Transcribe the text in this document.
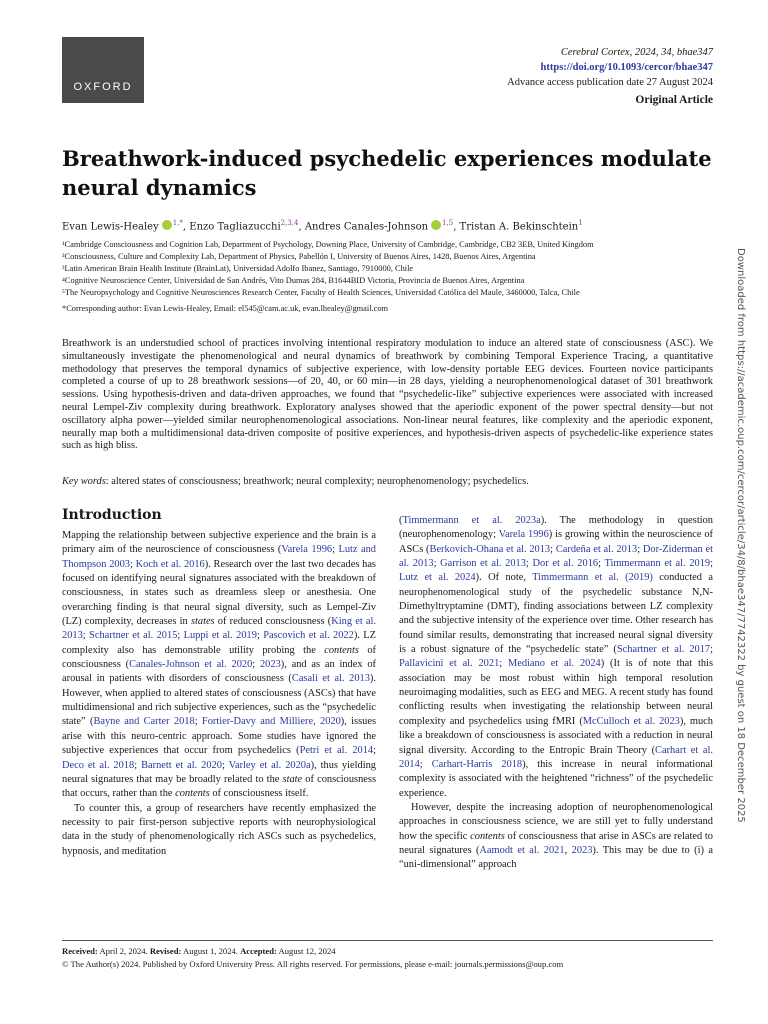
OXFORD
Cerebral Cortex, 2024, 34, bhae347
https://doi.org/10.1093/cercor/bhae347
Advance access publication date 27 August 2024
Original Article
Breathwork-induced psychedelic experiences modulate neural dynamics
Evan Lewis-Healey $^{1,*}$, Enzo Tagliazucchi$^{2,3,4}$, Andres Canales-Johnson $^{1,5}$, Tristan A. Bekinschtein$^1$
¹Cambridge Consciousness and Cognition Lab, Department of Psychology, Downing Place, University of Cambridge, Cambridge, CB2 3EB, United Kingdom
²Consciousness, Culture and Complexity Lab, Department of Physics, Pabellón I, University of Buenos Aires, 1428, Buenos Aires, Argentina
³Latin American Brain Health Institute (BrainLat), Universidad Adolfo Ibanez, Santiago, 7910000, Chile
⁴Cognitive Neuroscience Center, Universidad de San Andrés, Vito Dumas 284, B1644BID Victoria, Provincia de Buenos Aires, Argentina
⁵The Neuropsychology and Cognitive Neurosciences Research Center, Faculty of Health Sciences, Universidad Católica del Maule, 3460000, Talca, Chile
*Corresponding author: Evan Lewis-Healey, Email: el545@cam.ac.uk, evan.lhealey@gmail.com
Breathwork is an understudied school of practices involving intentional respiratory modulation to induce an altered state of consciousness (ASC). We simultaneously investigate the phenomenological and neural dynamics of breathwork by combining Temporal Experience Tracing, a quantitative methodology that preserves the temporal dynamics of subjective experience, with low-density portable EEG devices. Fourteen novice participants completed a course of up to 28 breathwork sessions—of 20, 40, or 60 min—in 28 days, yielding a neurophenomenological dataset of 301 breathwork sessions. Using hypothesis-driven and data-driven approaches, we found that “psychedelic-like” subjective experiences were associated with increased neural Lempel-Ziv complexity during breathwork. Exploratory analyses showed that the aperiodic exponent of the power spectral density—but not oscillatory alpha power—yielded similar neurophenomenological associations. Non-linear neural features, like complexity and the aperiodic exponent, neurally map both a multidimensional data-driven composite of positive experiences, and hypothesis-driven aspects of psychedelic-like experience states such as high bliss.
Key words: altered states of consciousness; breathwork; neural complexity; neurophenomenology; psychedelics.
Introduction

Mapping the relationship between subjective experience and the brain is a primary aim of the neuroscience of consciousness (Varela 1996; Lutz and Thompson 2003; Koch et al. 2016). Research over the last two decades has focused on identifying neural signatures associated with the breakdown of consciousness, in states such as dreamless sleep or anesthesia. One overarching finding is that neural signal diversity, such as Lempel-Ziv (LZ) complexity, decreases in states of reduced consciousness (King et al. 2013; Schartner et al. 2015; Luppi et al. 2019; Pascovich et al. 2022). LZ complexity also has demonstrable utility probing the contents of consciousness (Canales-Johnson et al. 2020; 2023), and as an index of arousal in patients with disorders of consciousness (Casali et al. 2013). However, when applied to altered states of consciousness (ASCs) that have multidimensional and rich subjective experiences, such as the “psychedelic state” (Bayne and Carter 2018; Fortier-Davy and Milliere, 2020), issues arise with this neuro-centric approach. Some studies have ignored the subjective experiences that occur from psychedelics (Petri et al. 2014; Deco et al. 2018; Barnett et al. 2020; Varley et al. 2020a), thus yielding neural signatures that may be broadly related to the state of consciousness that occurs, rather than the contents of consciousness itself.

To counter this, a group of researchers have recently emphasized the necessity to pair first-person subjective reports with neurophysiological data in the study of phenomenologically rich ASCs such as psychedelics, hypnosis, and meditation

(Timmermann et al. 2023a). The methodology in question (neurophenomenology; Varela 1996) is growing within the neuroscience of ASCs (Berkovich-Ohana et al. 2013; Cardeña et al. 2013; Dor-Ziderman et al. 2013; Garrison et al. 2013; Dor et al. 2016; Timmermann et al. 2019; Lutz et al. 2024). Of note, Timmermann et al. (2019) conducted a neurophenomenological study of the psychedelic substance N,N-Dimethyltryptamine (DMT), finding associations between LZ complexity and the subjective intensity of the experience over time. Other research has found similar results, demonstrating that increased neural signal diversity is a robust signature of the “psychedelic state” (Schartner et al. 2017; Pallavicini et al. 2021; Mediano et al. 2024) (It is of note that this association may be most robust within high temporal resolution neuroimaging modalities, such as EEG and MEG. A recent study has found conflicting results when investigating the relationship between neural complexity and psychedelics using fMRI (McCulloch et al. 2023), much like a breakdown of consciousness is associated with a reduction in neural signal diversity. According to the Entropic Brain Theory (Carhart et al. 2014; Carhart-Harris 2018), this increase in neural informational complexity is associated with the heightened “richness” of the psychedelic experience.

However, despite the increasing adoption of neurophenomenological approaches in consciousness science, we are still yet to fully understand how the specific contents of consciousness that arise in ASCs are related to neural signatures (Aamodt et al. 2021, 2023). This may be due to (i) a “uni-dimensional” approach

Received: April 2, 2024. Revised: August 1, 2024. Accepted: August 12, 2024
© The Author(s) 2024. Published by Oxford University Press. All rights reserved. For permissions, please e-mail: journals.permissions@oup.com
Downloaded from https://academic.oup.com/cercor/article/34/8/bhae347/7742322 by guest on 18 December 2025
